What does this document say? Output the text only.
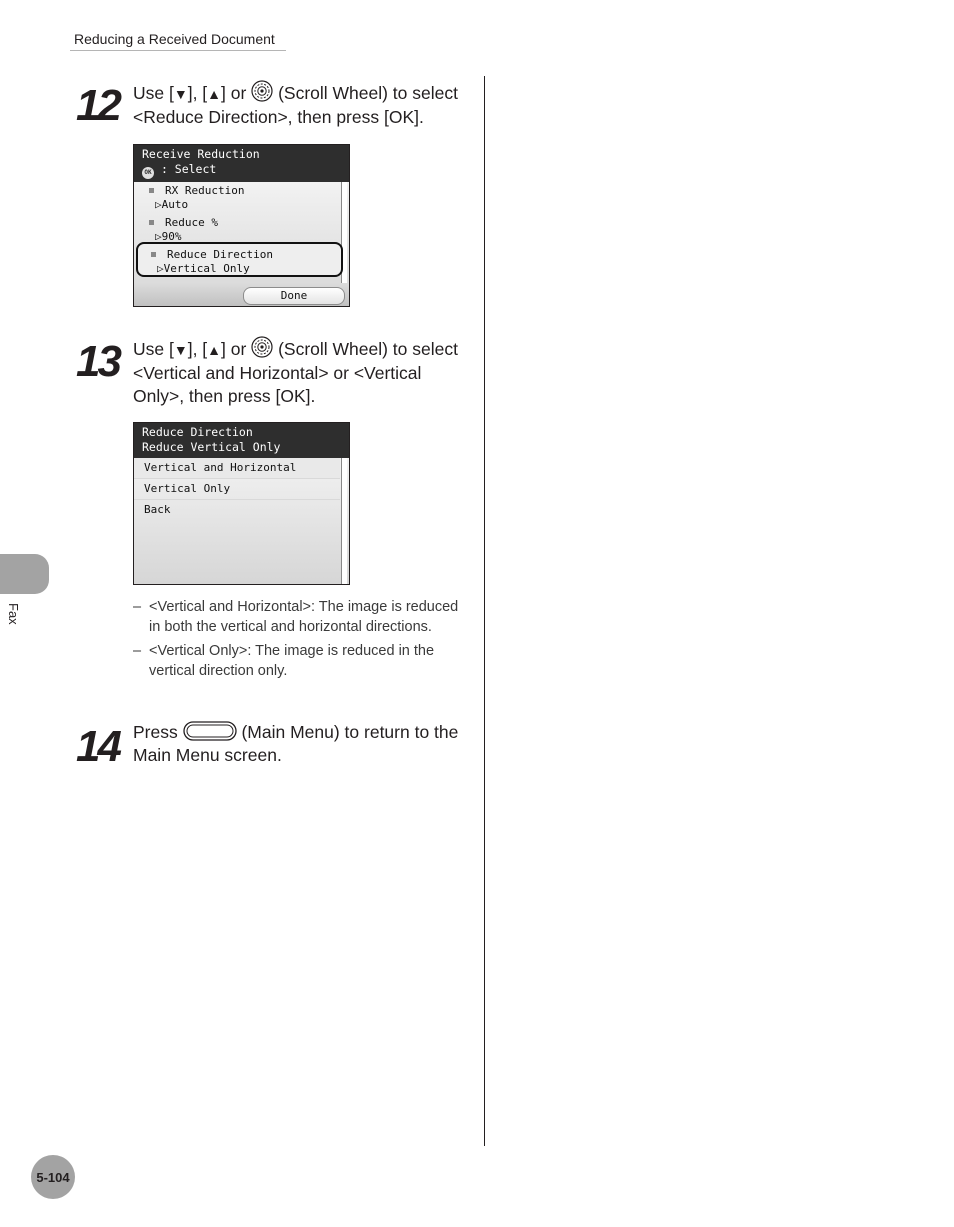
Reducing a Received Document
Fax
12 Use [▼], [▲] or  (Scroll Wheel) to select <Reduce Direction>, then press [OK].
Receive Reduction
OK : Select
RX Reduction
▷Auto
Reduce %
▷90%
Reduce Direction
▷Vertical Only
Done
13 Use [▼], [▲] or  (Scroll Wheel) to select <Vertical and Horizontal> or <Vertical Only>, then press [OK].
Reduce Direction
Reduce Vertical Only
Vertical and Horizontal
Vertical Only
Back
– <Vertical and Horizontal>: The image is reduced in both the vertical and horizontal directions.
– <Vertical Only>: The image is reduced in the vertical direction only.
14 Press	(Main Menu) to return to the Main Menu screen.
5-104
